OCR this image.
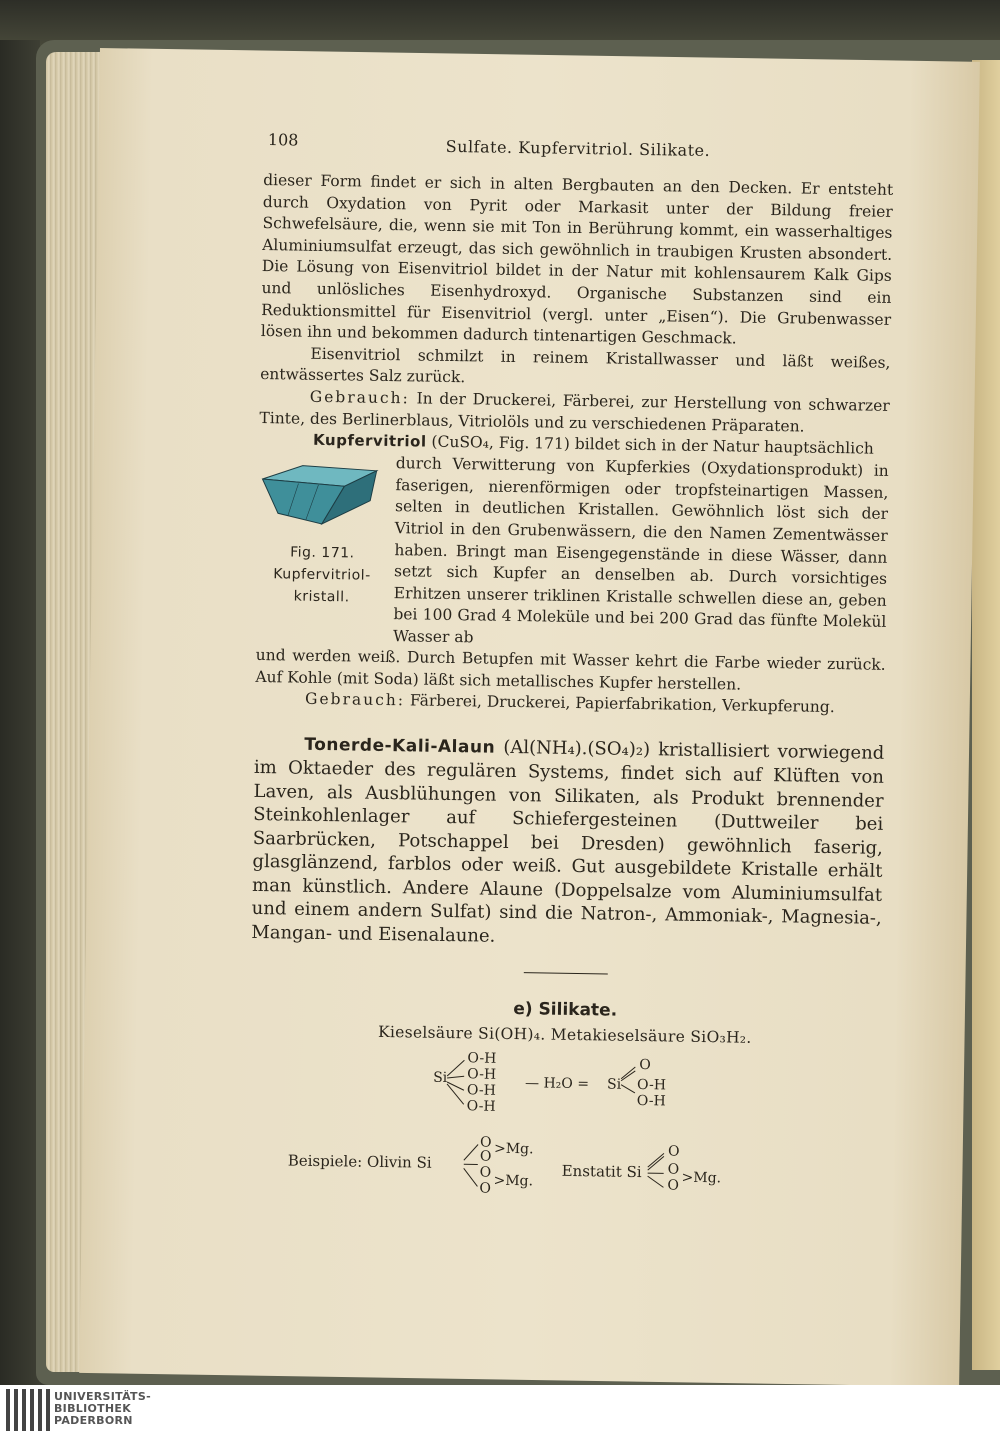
108	Sulfate. Kupfervitriol. Silikate.

dieser Form findet er sich in alten Bergbauten an den Decken. Er entsteht durch Oxydation von Pyrit oder Markasit unter der Bildung freier Schwefelsäure, die, wenn sie mit Ton in Berührung kommt, ein wasserhaltiges Aluminiumsulfat erzeugt, das sich gewöhnlich in traubigen Krusten absondert. Die Lösung von Eisenvitriol bildet in der Natur mit kohlensaurem Kalk Gips und unlösliches Eisenhydroxyd. Organische Substanzen sind ein Reduktionsmittel für Eisenvitriol (vergl. unter „Eisen“). Die Grubenwasser lösen ihn und bekommen dadurch tintenartigen Geschmack.

Eisenvitriol schmilzt in reinem Kristallwasser und läßt weißes, entwässertes Salz zurück.

Gebrauch: In der Druckerei, Färberei, zur Herstellung von schwarzer Tinte, des Berlinerblaus, Vitriolöls und zu verschiedenen Präparaten.

Kupfervitriol (CuSO₄, Fig. 171) bildet sich in der Natur hauptsächlich

Fig. 171.
Kupfervitriol-
kristall.

durch Verwitterung von Kupferkies (Oxydationsprodukt) in faserigen, nierenförmigen oder tropfsteinartigen Massen, selten in deutlichen Kristallen. Gewöhnlich löst sich der Vitriol in den Grubenwässern, die den Namen Zementwässer haben. Bringt man Eisengegenstände in diese Wässer, dann setzt sich Kupfer an denselben ab. Durch vorsichtiges Erhitzen unserer triklinen Kristalle schwellen diese an, geben bei 100 Grad 4 Moleküle und bei 200 Grad das fünfte Molekül Wasser ab

und werden weiß. Durch Betupfen mit Wasser kehrt die Farbe wieder zurück. Auf Kohle (mit Soda) läßt sich metallisches Kupfer herstellen.

Gebrauch: Färberei, Druckerei, Papierfabrikation, Verkupferung.

Tonerde-Kali-Alaun (Al(NH₄).(SO₄)₂) kristallisiert vorwiegend im Oktaeder des regulären Systems, findet sich auf Klüften von Laven, als Ausblühungen von Silikaten, als Produkt brennender Steinkohlenlager auf Schiefergesteinen (Duttweiler bei Saarbrücken, Potschappel bei Dresden) gewöhnlich faserig, glasglänzend, farblos oder weiß. Gut ausgebildete Kristalle erhält man künstlich. Andere Alaune (Doppelsalze vom Aluminiumsulfat und einem andern Sulfat) sind die Natron-, Ammoniak-, Magnesia-, Mangan- und Eisenalaune.

e) Silikate.
Kieselsäure Si(OH)₄. Metakieselsäure SiO₃H₂.
Si
O-H
O-H
O-H
O-H
— H₂O = Si
O
O-H
O-H
Beispiele: Olivin Si
O
O >Mg.
O
O >Mg. Enstatit Si
O
O
O >Mg.
UNIVERSITÄTS-
BIBLIOTHEK
PADERBORN
